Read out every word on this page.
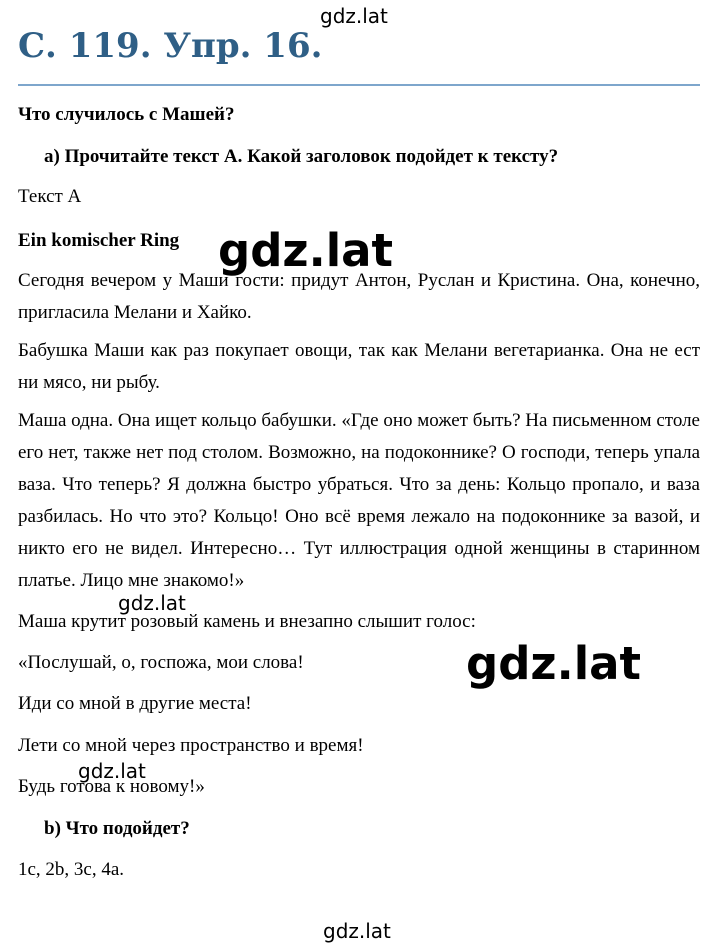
gdz.lat
С. 119. Упр. 16.
Что случилось с Машей?
a) Прочитайте текст А. Какой заголовок подойдет к тексту?
Текст А
Ein komischer Ring

Сегодня вечером у Маши гости: придут Антон, Руслан и Кристина. Она, конечно, пригласила Мелани и Хайко.

Бабушка Маши как раз покупает овощи, так как Мелани вегетарианка. Она не ест ни мясо, ни рыбу.

Маша одна. Она ищет кольцо бабушки. «Где оно может быть? На письменном столе его нет, также нет под столом. Возможно, на подоконнике? О господи, теперь упала ваза. Что теперь? Я должна быстро убраться. Что за день: Кольцо пропало, и ваза разбилась. Но что это? Кольцо! Оно всё время лежало на подоконнике за вазой, и никто его не видел. Интересно… Тут иллюстрация одной женщины в старинном платье. Лицо мне знакомо!»

Маша крутит розовый камень и внезапно слышит голос:
«Послушай, о, госпожа, мои слова!
Иди со мной в другие места!
Лети со мной через пространство и время!
Будь готова к новому!»
b) Что подойдет?
1c, 2b, 3c, 4a.
gdz.lat
gdz.lat
gdz.lat
gdz.lat
gdz.lat
